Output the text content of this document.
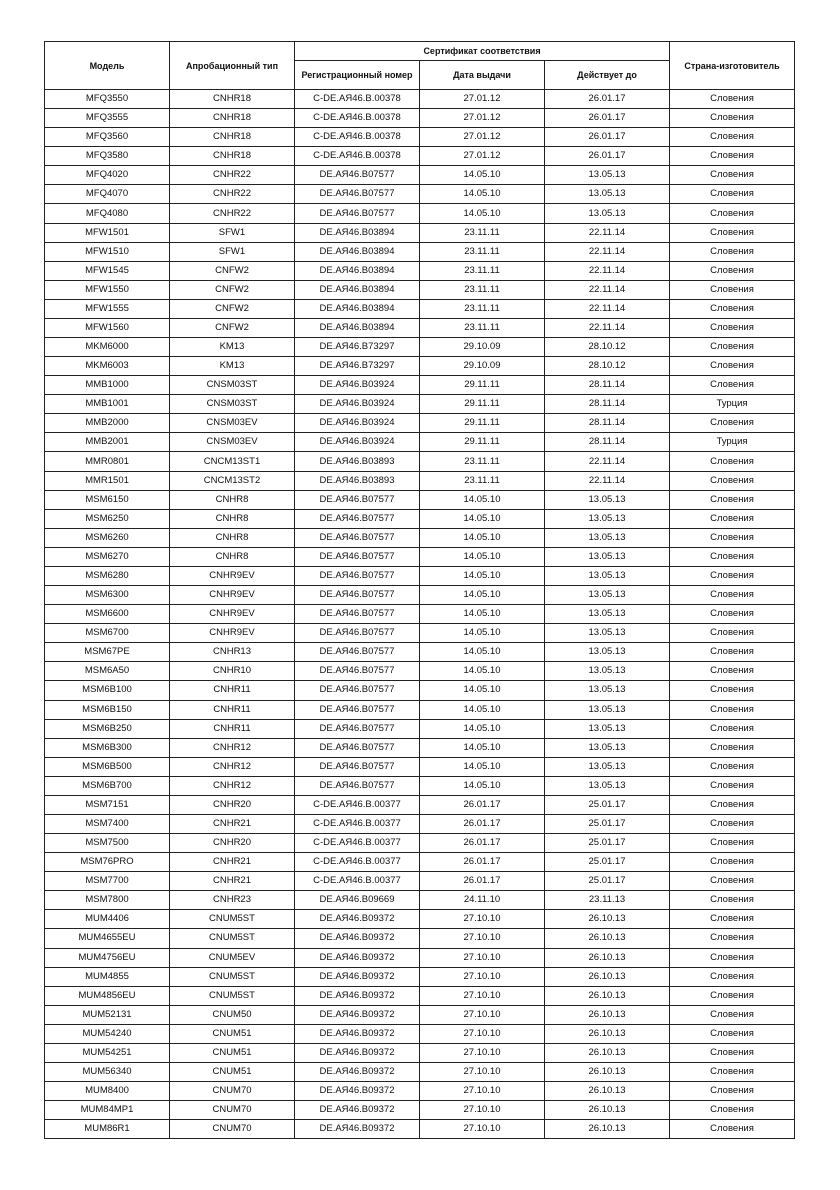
Модель	Апробационный тип	Сертификат соответствия			Страна-изготовитель
		Регистрационный номер	Дата выдачи	Действует до	
MFQ3550	CNHR18	C-DE.АЯ46.В.00378	27.01.12	26.01.17	Словения
MFQ3555	CNHR18	C-DE.АЯ46.В.00378	27.01.12	26.01.17	Словения
MFQ3560	CNHR18	C-DE.АЯ46.В.00378	27.01.12	26.01.17	Словения
MFQ3580	CNHR18	C-DE.АЯ46.В.00378	27.01.12	26.01.17	Словения
MFQ4020	CNHR22	DE.АЯ46.В07577	14.05.10	13.05.13	Словения
MFQ4070	CNHR22	DE.АЯ46.В07577	14.05.10	13.05.13	Словения
MFQ4080	CNHR22	DE.АЯ46.В07577	14.05.10	13.05.13	Словения
MFW1501	SFW1	DE.АЯ46.В03894	23.11.11	22.11.14	Словения
MFW1510	SFW1	DE.АЯ46.В03894	23.11.11	22.11.14	Словения
MFW1545	CNFW2	DE.АЯ46.В03894	23.11.11	22.11.14	Словения
MFW1550	CNFW2	DE.АЯ46.В03894	23.11.11	22.11.14	Словения
MFW1555	CNFW2	DE.АЯ46.В03894	23.11.11	22.11.14	Словения
MFW1560	CNFW2	DE.АЯ46.В03894	23.11.11	22.11.14	Словения
MKM6000	KM13	DE.АЯ46.В73297	29.10.09	28.10.12	Словения
MKM6003	KM13	DE.АЯ46.В73297	29.10.09	28.10.12	Словения
MMB1000	CNSM03ST	DE.АЯ46.В03924	29.11.11	28.11.14	Словения
MMB1001	CNSM03ST	DE.АЯ46.В03924	29.11.11	28.11.14	Турция
MMB2000	CNSM03EV	DE.АЯ46.В03924	29.11.11	28.11.14	Словения
MMB2001	CNSM03EV	DE.АЯ46.В03924	29.11.11	28.11.14	Турция
MMR0801	CNCM13ST1	DE.АЯ46.В03893	23.11.11	22.11.14	Словения
MMR1501	CNCM13ST2	DE.АЯ46.В03893	23.11.11	22.11.14	Словения
MSM6150	CNHR8	DE.АЯ46.В07577	14.05.10	13.05.13	Словения
MSM6250	CNHR8	DE.АЯ46.В07577	14.05.10	13.05.13	Словения
MSM6260	CNHR8	DE.АЯ46.В07577	14.05.10	13.05.13	Словения
MSM6270	CNHR8	DE.АЯ46.В07577	14.05.10	13.05.13	Словения
MSM6280	CNHR9EV	DE.АЯ46.В07577	14.05.10	13.05.13	Словения
MSM6300	CNHR9EV	DE.АЯ46.В07577	14.05.10	13.05.13	Словения
MSM6600	CNHR9EV	DE.АЯ46.В07577	14.05.10	13.05.13	Словения
MSM6700	CNHR9EV	DE.АЯ46.В07577	14.05.10	13.05.13	Словения
MSM67PE	CNHR13	DE.АЯ46.В07577	14.05.10	13.05.13	Словения
MSM6A50	CNHR10	DE.АЯ46.В07577	14.05.10	13.05.13	Словения
MSM6B100	CNHR11	DE.АЯ46.В07577	14.05.10	13.05.13	Словения
MSM6B150	CNHR11	DE.АЯ46.В07577	14.05.10	13.05.13	Словения
MSM6B250	CNHR11	DE.АЯ46.В07577	14.05.10	13.05.13	Словения
MSM6B300	CNHR12	DE.АЯ46.В07577	14.05.10	13.05.13	Словения
MSM6B500	CNHR12	DE.АЯ46.В07577	14.05.10	13.05.13	Словения
MSM6B700	CNHR12	DE.АЯ46.В07577	14.05.10	13.05.13	Словения
MSM7151	CNHR20	C-DE.АЯ46.В.00377	26.01.17	25.01.17	Словения
MSM7400	CNHR21	C-DE.АЯ46.В.00377	26.01.17	25.01.17	Словения
MSM7500	CNHR20	C-DE.АЯ46.В.00377	26.01.17	25.01.17	Словения
MSM76PRO	CNHR21	C-DE.АЯ46.В.00377	26.01.17	25.01.17	Словения
MSM7700	CNHR21	C-DE.АЯ46.В.00377	26.01.17	25.01.17	Словения
MSM7800	CNHR23	DE.АЯ46.В09669	24.11.10	23.11.13	Словения
MUM4406	CNUM5ST	DE.АЯ46.В09372	27.10.10	26.10.13	Словения
MUM4655EU	CNUM5ST	DE.АЯ46.В09372	27.10.10	26.10.13	Словения
MUM4756EU	CNUM5EV	DE.АЯ46.В09372	27.10.10	26.10.13	Словения
MUM4855	CNUM5ST	DE.АЯ46.В09372	27.10.10	26.10.13	Словения
MUM4856EU	CNUM5ST	DE.АЯ46.В09372	27.10.10	26.10.13	Словения
MUM52131	CNUM50	DE.АЯ46.В09372	27.10.10	26.10.13	Словения
MUM54240	CNUM51	DE.АЯ46.В09372	27.10.10	26.10.13	Словения
MUM54251	CNUM51	DE.АЯ46.В09372	27.10.10	26.10.13	Словения
MUM56340	CNUM51	DE.АЯ46.В09372	27.10.10	26.10.13	Словения
MUM8400	CNUM70	DE.АЯ46.В09372	27.10.10	26.10.13	Словения
MUM84MP1	CNUM70	DE.АЯ46.В09372	27.10.10	26.10.13	Словения
MUM86R1	CNUM70	DE.АЯ46.В09372	27.10.10	26.10.13	Словения
